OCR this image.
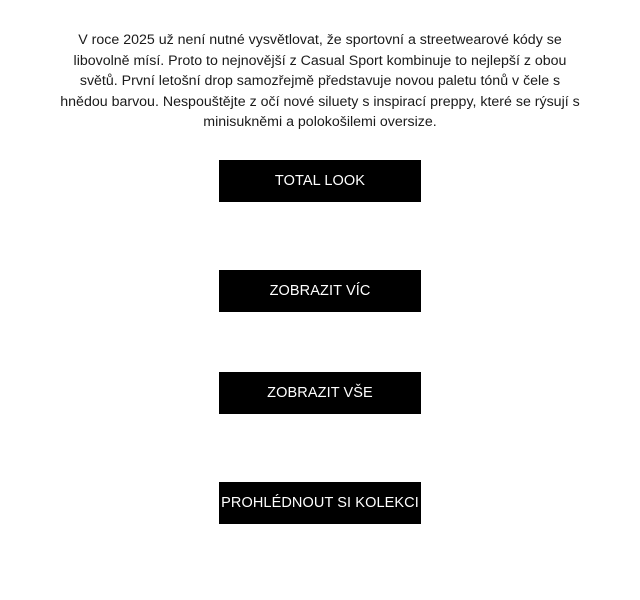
V roce 2025 už není nutné vysvětlovat, že sportovní a streetwearové kódy se libovolně mísí. Proto to nejnovější z Casual Sport kombinuje to nejlepší z obou světů. První letošní drop samozřejmě představuje novou paletu tónů v čele s hnědou barvou. Nespouštějte z očí nové siluety s inspirací preppy, které se rýsují s minisukněmi a polokošilemi oversize.

TOTAL LOOK
ZOBRAZIT VÍC
ZOBRAZIT VŠE
PROHLÉDNOUT SI KOLEKCI
